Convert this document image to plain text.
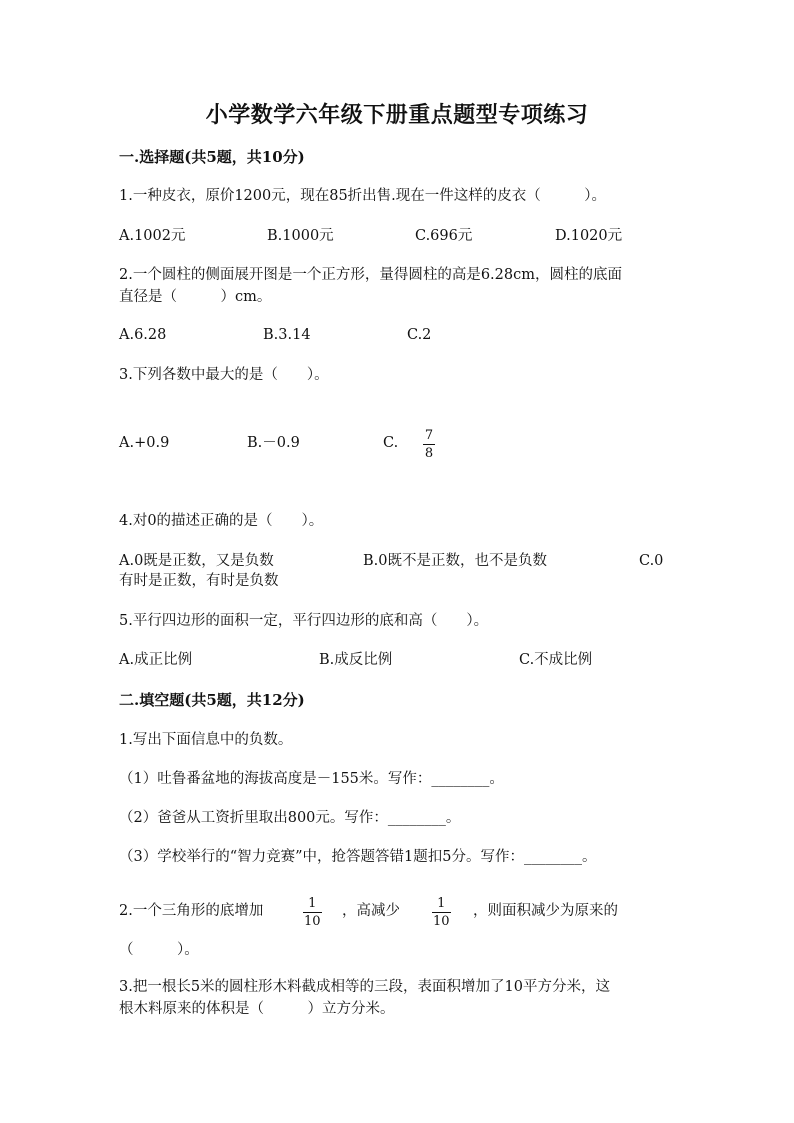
小学数学六年级下册重点题型专项练习
一.选择题(共5题，共10分)
1.一种皮衣，原价1200元，现在85折出售.现在一件这样的皮衣（　　　）。
A.1002元	B.1000元	C.696元	D.1020元
2.一个圆柱的侧面展开图是一个正方形，量得圆柱的高是6.28cm，圆柱的底面
直径是（　　　）cm。
A.6.28	B.3.14	C.2
3.下列各数中最大的是（　　）。
A.+0.9	B.－0.9	C. 7
8
4.对0的描述正确的是（　　）。
A.0既是正数，又是负数	B.0既不是正数，也不是负数	C.0
有时是正数，有时是负数
5.平行四边形的面积一定，平行四边形的底和高（　　）。
A.成正比例	B.成反比例	C.不成比例
二.填空题(共5题，共12分)
1.写出下面信息中的负数。
（1）吐鲁番盆地的海拔高度是－155米。写作：________。
（2）爸爸从工资折里取出800元。写作：________。
（3）学校举行的“智力竞赛”中，抢答题答错1题扣5分。写作：________。
2.一个三角形的底增加	1
10
，高减少	1
10
，则面积减少为原来的
（　　　）。
3.把一根长5米的圆柱形木料截成相等的三段，表面积增加了10平方分米，这
根木料原来的体积是（　　　）立方分米。
